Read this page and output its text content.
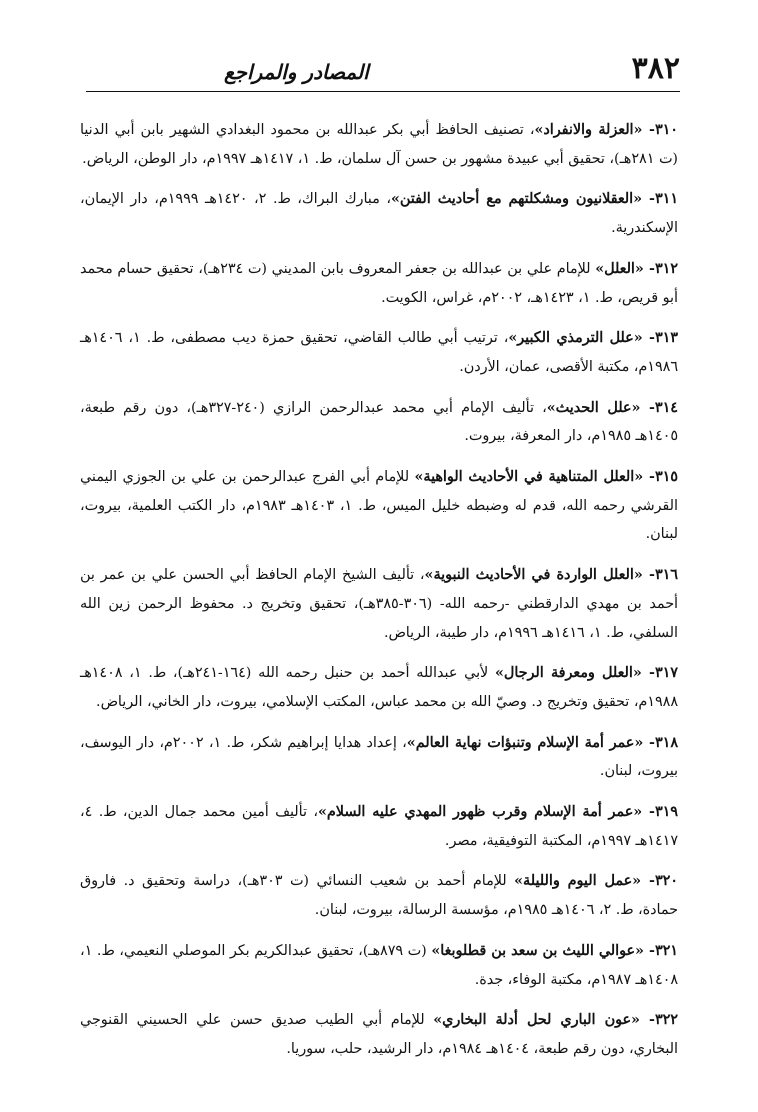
٣٨٢
المصادر والمراجع

٣١٠- «العزلة والانفراد»، تصنيف الحافظ أبي بكر عبدالله بن محمود البغدادي الشهير بابن أبي الدنيا (ت ٢٨١هـ)، تحقيق أبي عبيدة مشهور بن حسن آل سلمان، ط. ١، ١٤١٧هـ ١٩٩٧م، دار الوطن، الرياض.

٣١١- «العقلانيون ومشكلتهم مع أحاديث الفتن»، مبارك البراك، ط. ٢، ١٤٢٠هـ ١٩٩٩م، دار الإيمان، الإسكندرية.

٣١٢- «العلل» للإمام علي بن عبدالله بن جعفر المعروف بابن المديني (ت ٢٣٤هـ)، تحقيق حسام محمد أبو قريص، ط. ١، ١٤٢٣هـ، ٢٠٠٢م، غراس، الكويت.

٣١٣- «علل الترمذي الكبير»، ترتيب أبي طالب القاضي، تحقيق حمزة ديب مصطفى، ط. ١، ١٤٠٦هـ ١٩٨٦م، مكتبة الأقصى، عمان، الأردن.

٣١٤- «علل الحديث»، تأليف الإمام أبي محمد عبدالرحمن الرازي (٢٤٠-٣٢٧هـ)، دون رقم طبعة، ١٤٠٥هـ ١٩٨٥م، دار المعرفة، بيروت.

٣١٥- «العلل المتناهية في الأحاديث الواهية» للإمام أبي الفرج عبدالرحمن بن علي بن الجوزي اليمني القرشي رحمه الله، قدم له وضبطه خليل الميس، ط. ١، ١٤٠٣هـ ١٩٨٣م، دار الكتب العلمية، بيروت، لبنان.

٣١٦- «العلل الواردة في الأحاديث النبوية»، تأليف الشيخ الإمام الحافظ أبي الحسن علي بن عمر بن أحمد بن مهدي الدارقطني -رحمه الله- (٣٠٦-٣٨٥هـ)، تحقيق وتخريج د. محفوظ الرحمن زين الله السلفي، ط. ١، ١٤١٦هـ ١٩٩٦م، دار طيبة، الرياض.

٣١٧- «العلل ومعرفة الرجال» لأبي عبدالله أحمد بن حنبل رحمه الله (١٦٤-٢٤١هـ)، ط. ١، ١٤٠٨هـ ١٩٨٨م، تحقيق وتخريج د. وصيّ الله بن محمد عباس، المكتب الإسلامي، بيروت، دار الخاني، الرياض.

٣١٨- «عمر أمة الإسلام وتنبؤات نهاية العالم»، إعداد هدايا إبراهيم شكر، ط. ١، ٢٠٠٢م، دار اليوسف، بيروت، لبنان.

٣١٩- «عمر أمة الإسلام وقرب ظهور المهدي عليه السلام»، تأليف أمين محمد جمال الدين، ط. ٤، ١٤١٧هـ ١٩٩٧م، المكتبة التوفيقية، مصر.

٣٢٠- «عمل اليوم والليلة» للإمام أحمد بن شعيب النسائي (ت ٣٠٣هـ)، دراسة وتحقيق د. فاروق حمادة، ط. ٢، ١٤٠٦هـ ١٩٨٥م، مؤسسة الرسالة، بيروت، لبنان.

٣٢١- «عوالي الليث بن سعد بن قطلوبغا» (ت ٨٧٩هـ)، تحقيق عبدالكريم بكر الموصلي النعيمي، ط. ١، ١٤٠٨هـ ١٩٨٧م، مكتبة الوفاء، جدة.

٣٢٢- «عون الباري لحل أدلة البخاري» للإمام أبي الطيب صديق حسن علي الحسيني القنوجي البخاري، دون رقم طبعة، ١٤٠٤هـ ١٩٨٤م، دار الرشيد، حلب، سوريا.
